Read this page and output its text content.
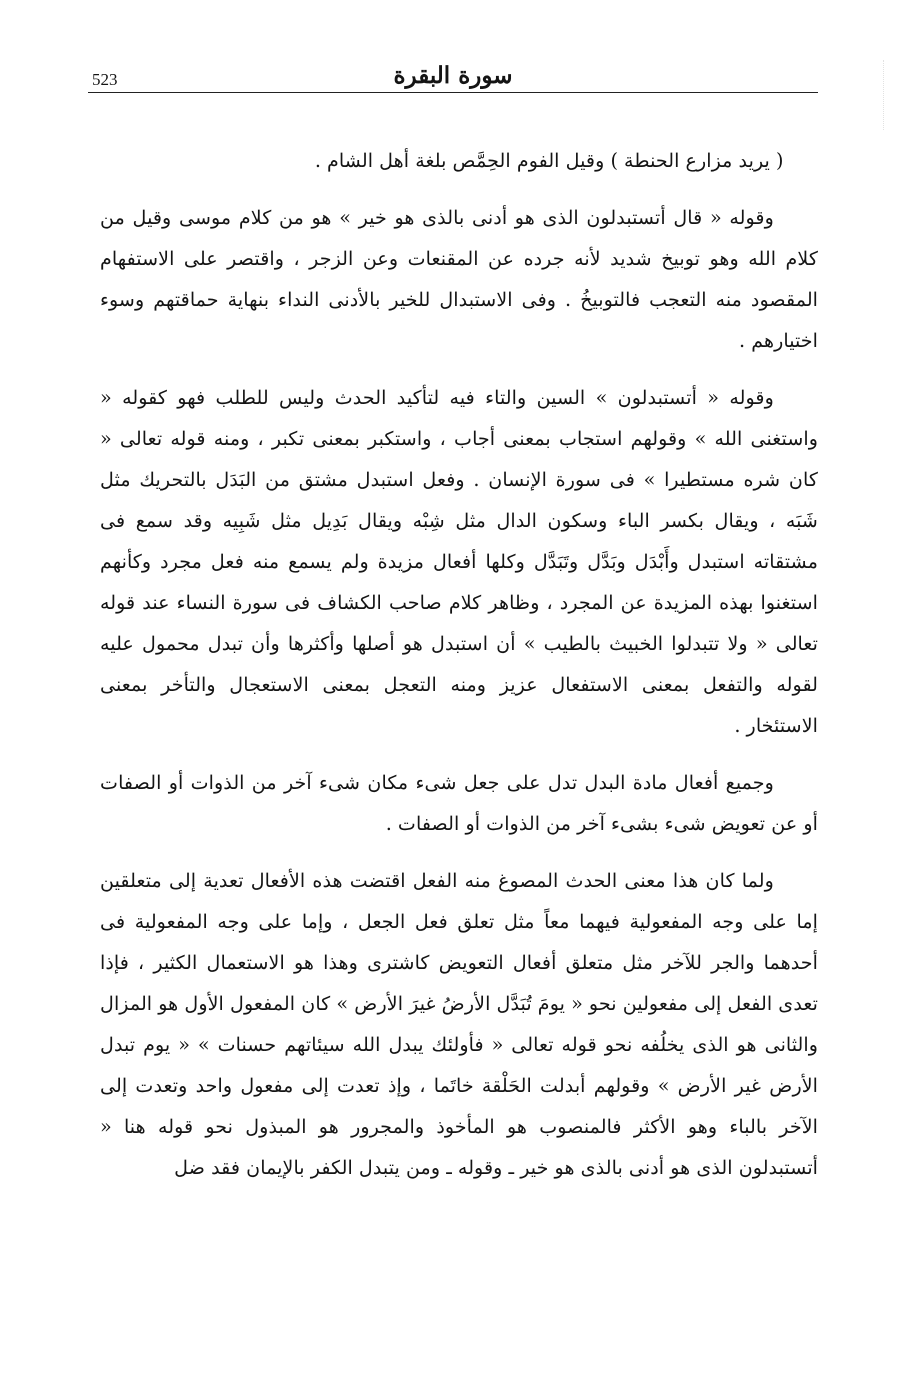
523	سورة البقرة

( يريد مزارع الحنطة ) وقيل الفوم الحِمَّص بلغة أهل الشام .

وقوله « قال أتستبدلون الذى هو أدنى بالذى هو خير » هو من كلام موسى وقيل من كلام الله وهو توبيخ شديد لأنه جرده عن المقنعات وعن الزجر ، واقتصر على الاستفهام المقصود منه التعجب فالتوبيخُ . وفى الاستبدال للخير بالأدنى النداء بنهاية حماقتهم وسوء اختيارهم .

وقوله « أتستبدلون » السين والتاء فيه لتأكيد الحدث وليس للطلب فهو كقوله « واستغنى الله » وقولهم استجاب بمعنى أجاب ، واستكبر بمعنى تكبر ، ومنه قوله تعالى « كان شره مستطيرا » فى سورة الإنسان . وفعل استبدل مشتق من البَدَل بالتحريك مثل شَبَه ، ويقال بكسر الباء وسكون الدال مثل شِبْه ويقال بَدِيل مثل شَبِيه وقد سمع فى مشتقاته استبدل وأَبْدَل وبَدَّل وتَبَدَّل وكلها أفعال مزيدة ولم يسمع منه فعل مجرد وكأنهم استغنوا بهذه المزيدة عن المجرد ، وظاهر كلام صاحب الكشاف فى سورة النساء عند قوله تعالى « ولا تتبدلوا الخبيث بالطيب » أن استبدل هو أصلها وأكثرها وأن تبدل محمول عليه لقوله والتفعل بمعنى الاستفعال عزيز ومنه التعجل بمعنى الاستعجال والتأخر بمعنى الاستئخار .

وجميع أفعال مادة البدل تدل على جعل شىء مكان شىء آخر من الذوات أو الصفات أو عن تعويض شىء بشىء آخر من الذوات أو الصفات .

ولما كان هذا معنى الحدث المصوغ منه الفعل اقتضت هذه الأفعال تعدية إلى متعلقين إما على وجه المفعولية فيهما معاً مثل تعلق فعل الجعل ، وإما على وجه المفعولية فى أحدهما والجر للآخر مثل متعلق أفعال التعويض كاشترى وهذا هو الاستعمال الكثير ، فإذا تعدى الفعل إلى مفعولين نحو « يومَ تُبَدَّل الأرضُ غيرَ الأرض » كان المفعول الأول هو المزال والثانى هو الذى يخلُفه نحو قوله تعالى « فأولئك يبدل الله سيئاتهم حسنات » « يوم تبدل الأرض غير الأرض » وقولهم أبدلت الحَلْقة خاتَما ، وإذ تعدت إلى مفعول واحد وتعدت إلى الآخر بالباء وهو الأكثر فالمنصوب هو المأخوذ والمجرور هو المبذول نحو قوله هنا « أتستبدلون الذى هو أدنى بالذى هو خير ـ وقوله ـ ومن يتبدل الكفر بالإيمان فقد ضل
